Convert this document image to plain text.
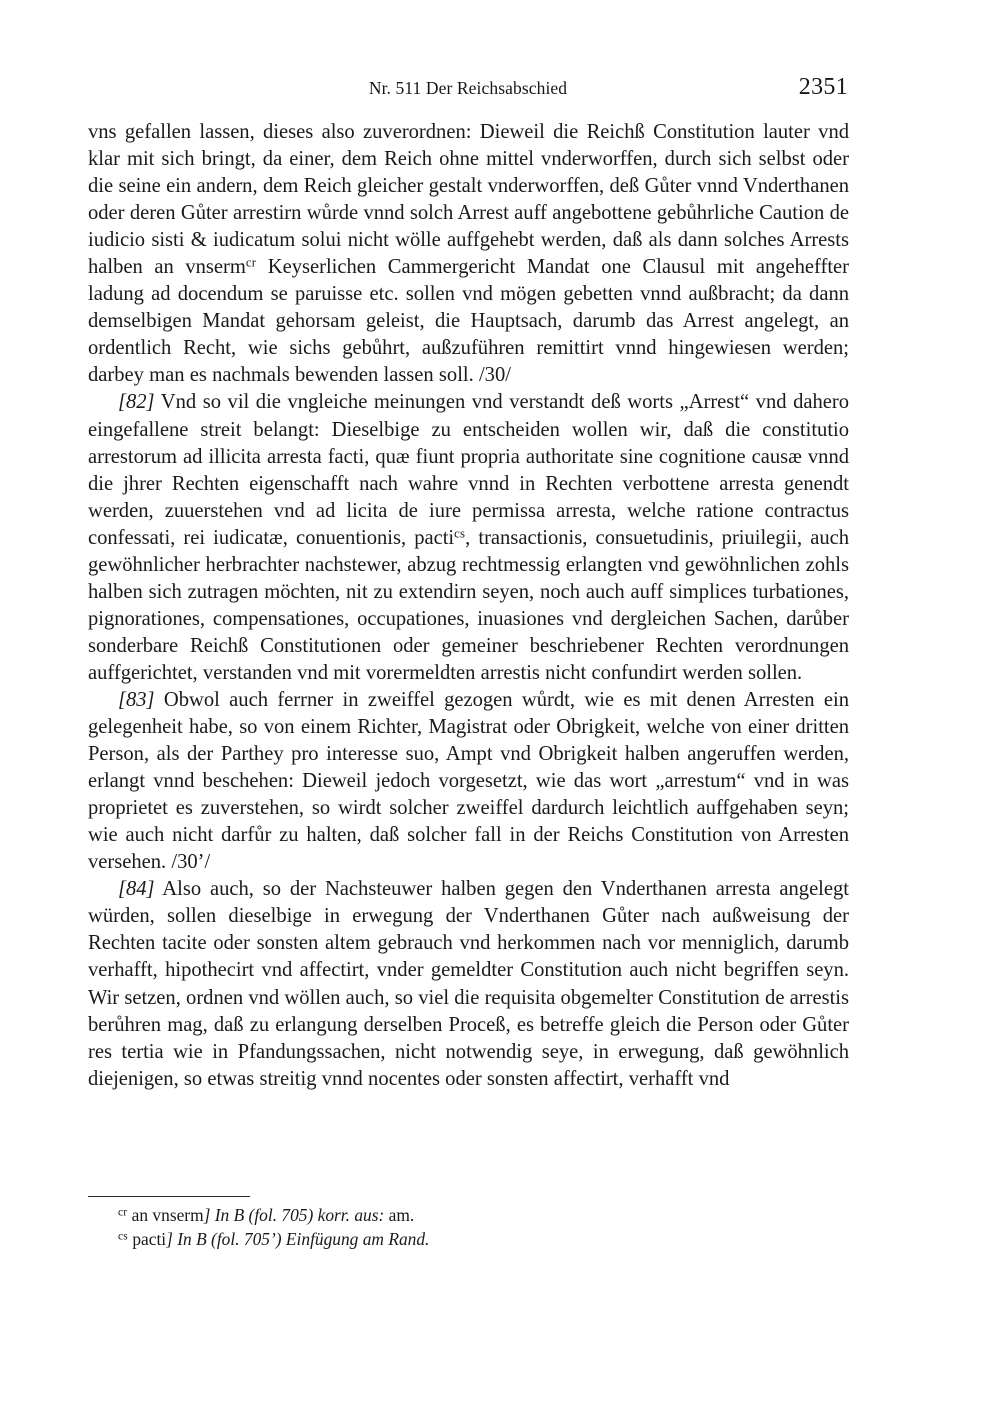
Nr. 511 Der Reichsabschied	2351

vns gefallen lassen, dieses also zuverordnen: Dieweil die Reichß Constitution lauter vnd klar mit sich bringt, da einer, dem Reich ohne mittel vnderworffen, durch sich selbst oder die seine ein andern, dem Reich gleicher gestalt vnderworffen, deß Gůter vnnd Vnderthanen oder deren Gůter arrestirn wůrde vnnd solch Arrest auff angebottene gebůhrliche Caution de iudicio sisti & iudicatum solui nicht wölle auffgehebt werden, daß als dann solches Arrests halben an vnserm$^{cr}$ Keyserlichen Cammergericht Mandat one Clausul mit angeheffter ladung ad docendum se paruisse etc. sollen vnd mögen gebetten vnnd außbracht; da dann demselbigen Mandat gehorsam geleist, die Hauptsach, darumb das Arrest angelegt, an ordentlich Recht, wie sichs gebůhrt, außzuführen remittirt vnnd hingewiesen werden; darbey man es nachmals bewenden lassen soll. /30/

[82] Vnd so vil die vngleiche meinungen vnd verstandt deß worts „Arrest“ vnd dahero eingefallene streit belangt: Dieselbige zu entscheiden wollen wir, daß die constitutio arrestorum ad illicita arresta facti, quæ fiunt propria authoritate sine cognitione causæ vnnd die jhrer Rechten eigenschafft nach wahre vnnd in Rechten verbottene arresta genendt werden, zuuerstehen vnd ad licita de iure permissa arresta, welche ratione contractus confessati, rei iudicatæ, conuentionis, pacti$^{cs}$, transactionis, consuetudinis, priuilegii, auch gewöhnlicher herbrachter nachstewer, abzug rechtmessig erlangten vnd gewöhnlichen zohls halben sich zutragen möchten, nit zu extendirn seyen, noch auch auff simplices turbationes, pignorationes, compensationes, occupationes, inuasiones vnd dergleichen Sachen, darůber sonderbare Reichß Constitutionen oder gemeiner beschriebener Rechten verordnungen auffgerichtet, verstanden vnd mit vorermeldten arrestis nicht confundirt werden sollen.

[83] Obwol auch ferrner in zweiffel gezogen wůrdt, wie es mit denen Arresten ein gelegenheit habe, so von einem Richter, Magistrat oder Obrigkeit, welche von einer dritten Person, als der Parthey pro interesse suo, Ampt vnd Obrigkeit halben angeruffen werden, erlangt vnnd beschehen: Dieweil jedoch vorgesetzt, wie das wort „arrestum“ vnd in was proprietet es zuverstehen, so wirdt solcher zweiffel dardurch leichtlich auffgehaben seyn; wie auch nicht darfůr zu halten, daß solcher fall in der Reichs Constitution von Arresten versehen. /30’/

[84] Also auch, so der Nachsteuwer halben gegen den Vnderthanen arresta angelegt würden, sollen dieselbige in erwegung der Vnderthanen Gůter nach außweisung der Rechten tacite oder sonsten altem gebrauch vnd herkommen nach vor menniglich, darumb verhafft, hipothecirt vnd affectirt, vnder gemeldter Constitution auch nicht begriffen seyn. Wir setzen, ordnen vnd wöllen auch, so viel die requisita obgemelter Constitution de arrestis berůhren mag, daß zu erlangung derselben Proceß, es betreffe gleich die Person oder Gůter res tertia wie in Pfandungssachen, nicht notwendig seye, in erwegung, daß gewöhnlich diejenigen, so etwas streitig vnnd nocentes oder sonsten affectirt, verhafft vnd

$^{cr}$ an vnserm] In B (fol. 705) korr. aus: am.

$^{cs}$ pacti] In B (fol. 705’) Einfügung am Rand.
